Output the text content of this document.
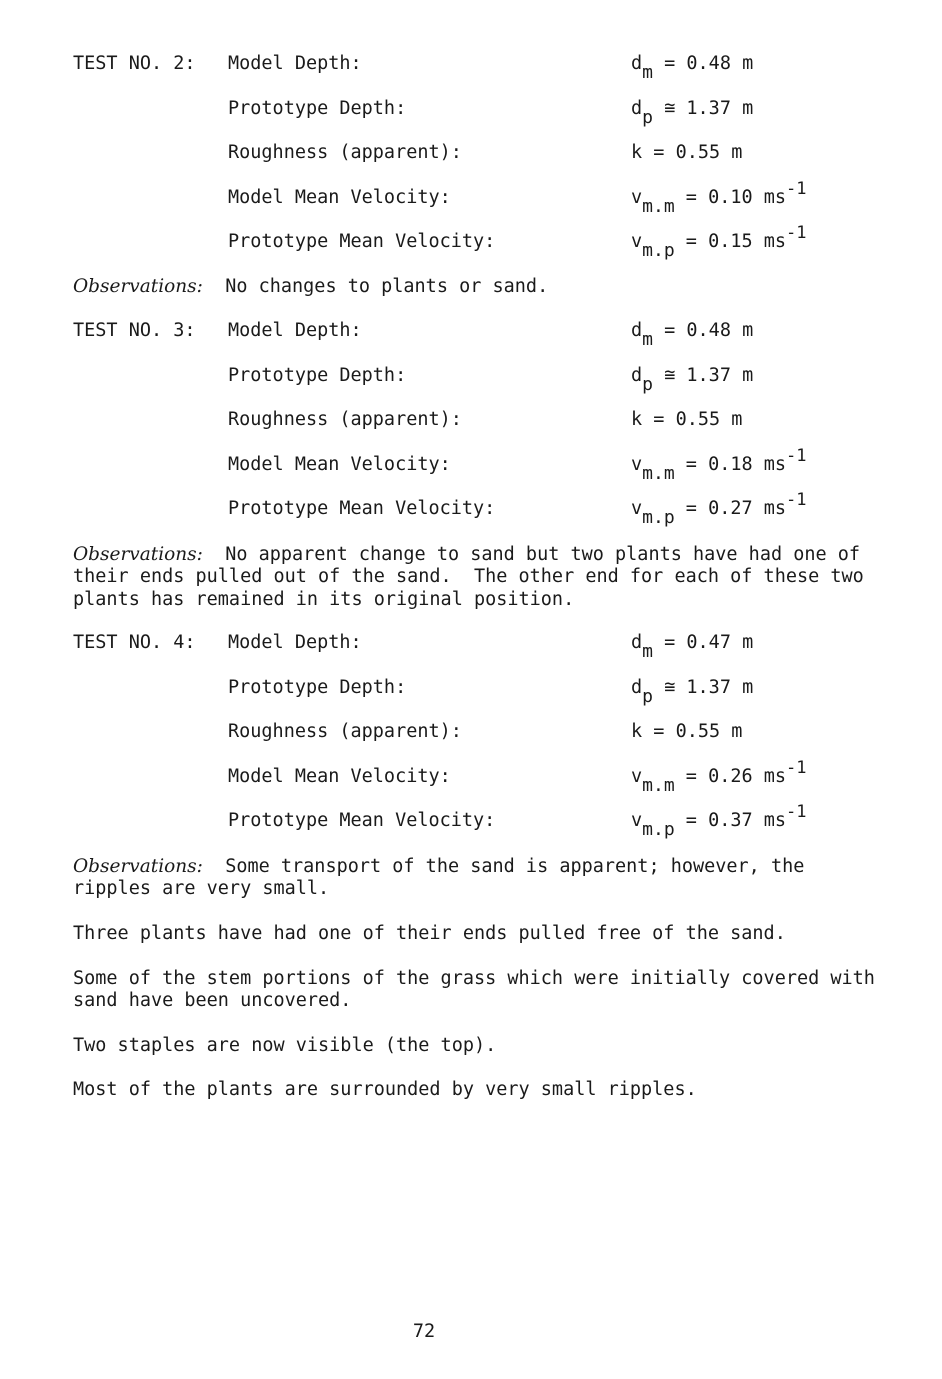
TEST NO. 2: Model Depth:	$d_m = 0.48$ m
Prototype Depth:	$d_p$ ≅ 1.37 m
Roughness (apparent):	k = 0.55 m
Model Mean Velocity:	$v_{m.m} = 0.10$ $ms^{-1}$
Prototype Mean Velocity:	$v_{m.p} = 0.15$ $ms^{-1}$
Observations: No changes to plants or sand.
TEST NO. 3: Model Depth:	$d_m = 0.48$ m
Prototype Depth:	$d_p$ ≅ 1.37 m
Roughness (apparent):	k = 0.55 m
Model Mean Velocity:	$v_{m.m} = 0.18$ $ms^{-1}$
Prototype Mean Velocity:	$v_{m.p} = 0.27$ $ms^{-1}$
Observations: No apparent change to sand but two plants have had one of their ends pulled out of the sand.  The other end for each of these two plants has remained in its original position.
TEST NO. 4: Model Depth:	$d_m = 0.47$ m
Prototype Depth:	$d_p$ ≅ 1.37 m
Roughness (apparent):	k = 0.55 m
Model Mean Velocity:	$v_{m.m} = 0.26$ $ms^{-1}$
Prototype Mean Velocity:	$v_{m.p} = 0.37$ $ms^{-1}$
Observations: Some transport of the sand is apparent; however, the ripples are very small.
Three plants have had one of their ends pulled free of the sand.
Some of the stem portions of the grass which were initially covered with sand have been uncovered.
Two staples are now visible (the top).
Most of the plants are surrounded by very small ripples.
72
